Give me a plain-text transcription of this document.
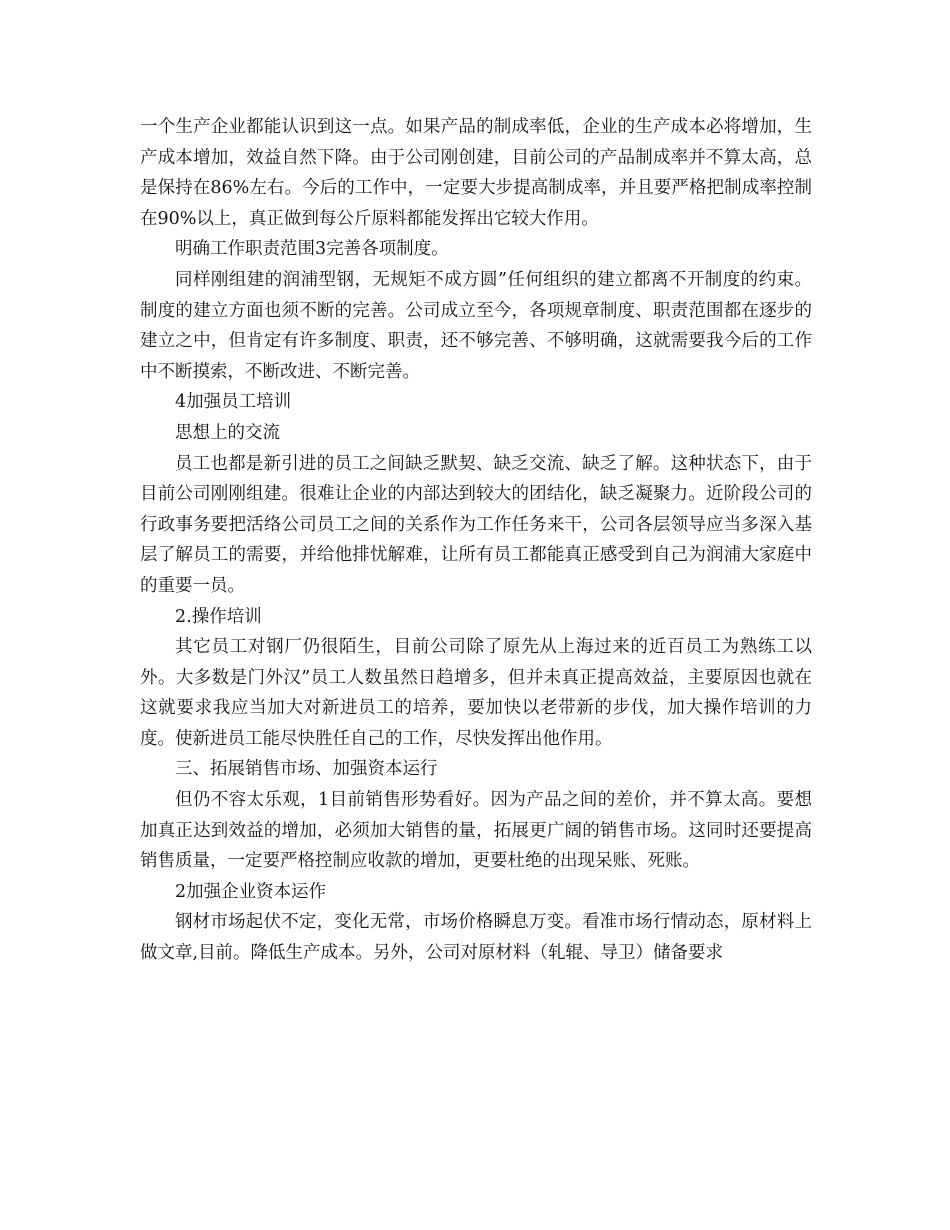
一个生产企业都能认识到这一点。如果产品的制成率低，企业的生产成本必将增加，生产成本增加，效益自然下降。由于公司刚创建，目前公司的产品制成率并不算太高，总是保持在86%左右。今后的工作中，一定要大步提高制成率，并且要严格把制成率控制在90%以上，真正做到每公斤原料都能发挥出它较大作用。

明确工作职责范围3完善各项制度。

同样刚组建的润浦型钢，无规矩不成方圆”任何组织的建立都离不开制度的约束。制度的建立方面也须不断的完善。公司成立至今，各项规章制度、职责范围都在逐步的建立之中，但肯定有许多制度、职责，还不够完善、不够明确，这就需要我今后的工作中不断摸索，不断改进、不断完善。

4加强员工培训

思想上的交流

员工也都是新引进的员工之间缺乏默契、缺乏交流、缺乏了解。这种状态下，由于目前公司刚刚组建。很难让企业的内部达到较大的团结化，缺乏凝聚力。近阶段公司的行政事务要把活络公司员工之间的关系作为工作任务来干，公司各层领导应当多深入基层了解员工的需要，并给他排忧解难，让所有员工都能真正感受到自己为润浦大家庭中的重要一员。

2.操作培训

其它员工对钢厂仍很陌生，目前公司除了原先从上海过来的近百员工为熟练工以外。大多数是门外汉”员工人数虽然日趋增多，但并未真正提高效益，主要原因也就在这就要求我应当加大对新进员工的培养，要加快以老带新的步伐，加大操作培训的力度。使新进员工能尽快胜任自己的工作，尽快发挥出他作用。

三、拓展销售市场、加强资本运行

但仍不容太乐观，1目前销售形势看好。因为产品之间的差价，并不算太高。要想加真正达到效益的增加，必须加大销售的量，拓展更广阔的销售市场。这同时还要提高销售质量，一定要严格控制应收款的增加，更要杜绝的出现呆账、死账。

2加强企业资本运作

钢材市场起伏不定，变化无常，市场价格瞬息万变。看准市场行情动态，原材料上做文章,目前。降低生产成本。另外，公司对原材料（轧辊、导卫）储备要求
